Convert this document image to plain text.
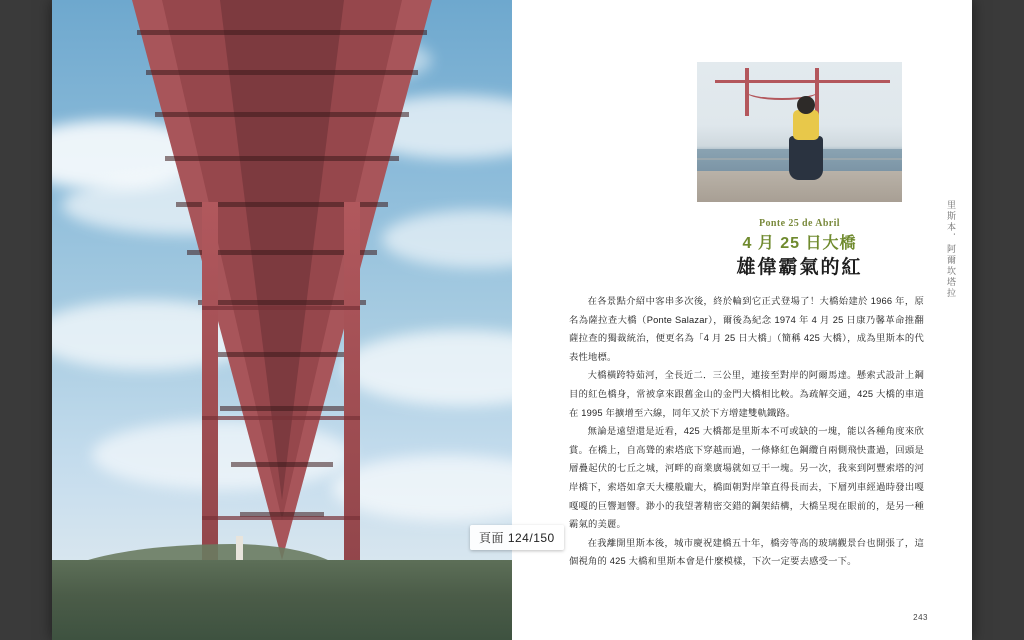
里斯本．阿爾坎塔拉
Ponte 25 de Abril
4 月 25 日大橋
雄偉霸氣的紅

在各景點介紹中客串多次後，終於輪到它正式登場了！大橋始建於 1966 年，原名為薩拉查大橋（Ponte Salazar），爾後為紀念 1974 年 4 月 25 日康乃馨革命推翻薩拉查的獨裁統治，便更名為「4 月 25 日大橋」（簡稱 425 大橋），成為里斯本的代表性地標。

大橋橫跨特茹河，全長近二．三公里，連接至對岸的阿爾馬達。懸索式設計上鋼目的紅色橋身，常被拿來跟舊金山的金門大橋相比較。為疏解交通，425 大橋的車道在 1995 年擴增至六線，同年又於下方增建雙軌鐵路。

無論是遠望還是近看，425 大橋都是里斯本不可或缺的一塊，能以各種角度來欣賞。在橋上，自高聳的索塔底下穿越而過，一條條紅色鋼纜自兩側飛快畫過，回頭是層疊起伏的七丘之城，河畔的商業廣場就如豆干一塊。另一次，我來到阿豐索塔的河岸橋下，索塔如拿天大樓般龐大，橋面朝對岸筆直得長而去，下層列車經過時發出嘎嘎嘎的巨響迴響。渺小的我望著精密交錯的鋼架結構，大橋呈現在眼前的，是另一種霸氣的美麗。

在我離開里斯本後，城市慶祝建橋五十年，橋旁等高的玻璃觀景台也開張了，這個視角的 425 大橋和里斯本會是什麼模樣，下次一定要去感受一下。

243
頁面 124/150
